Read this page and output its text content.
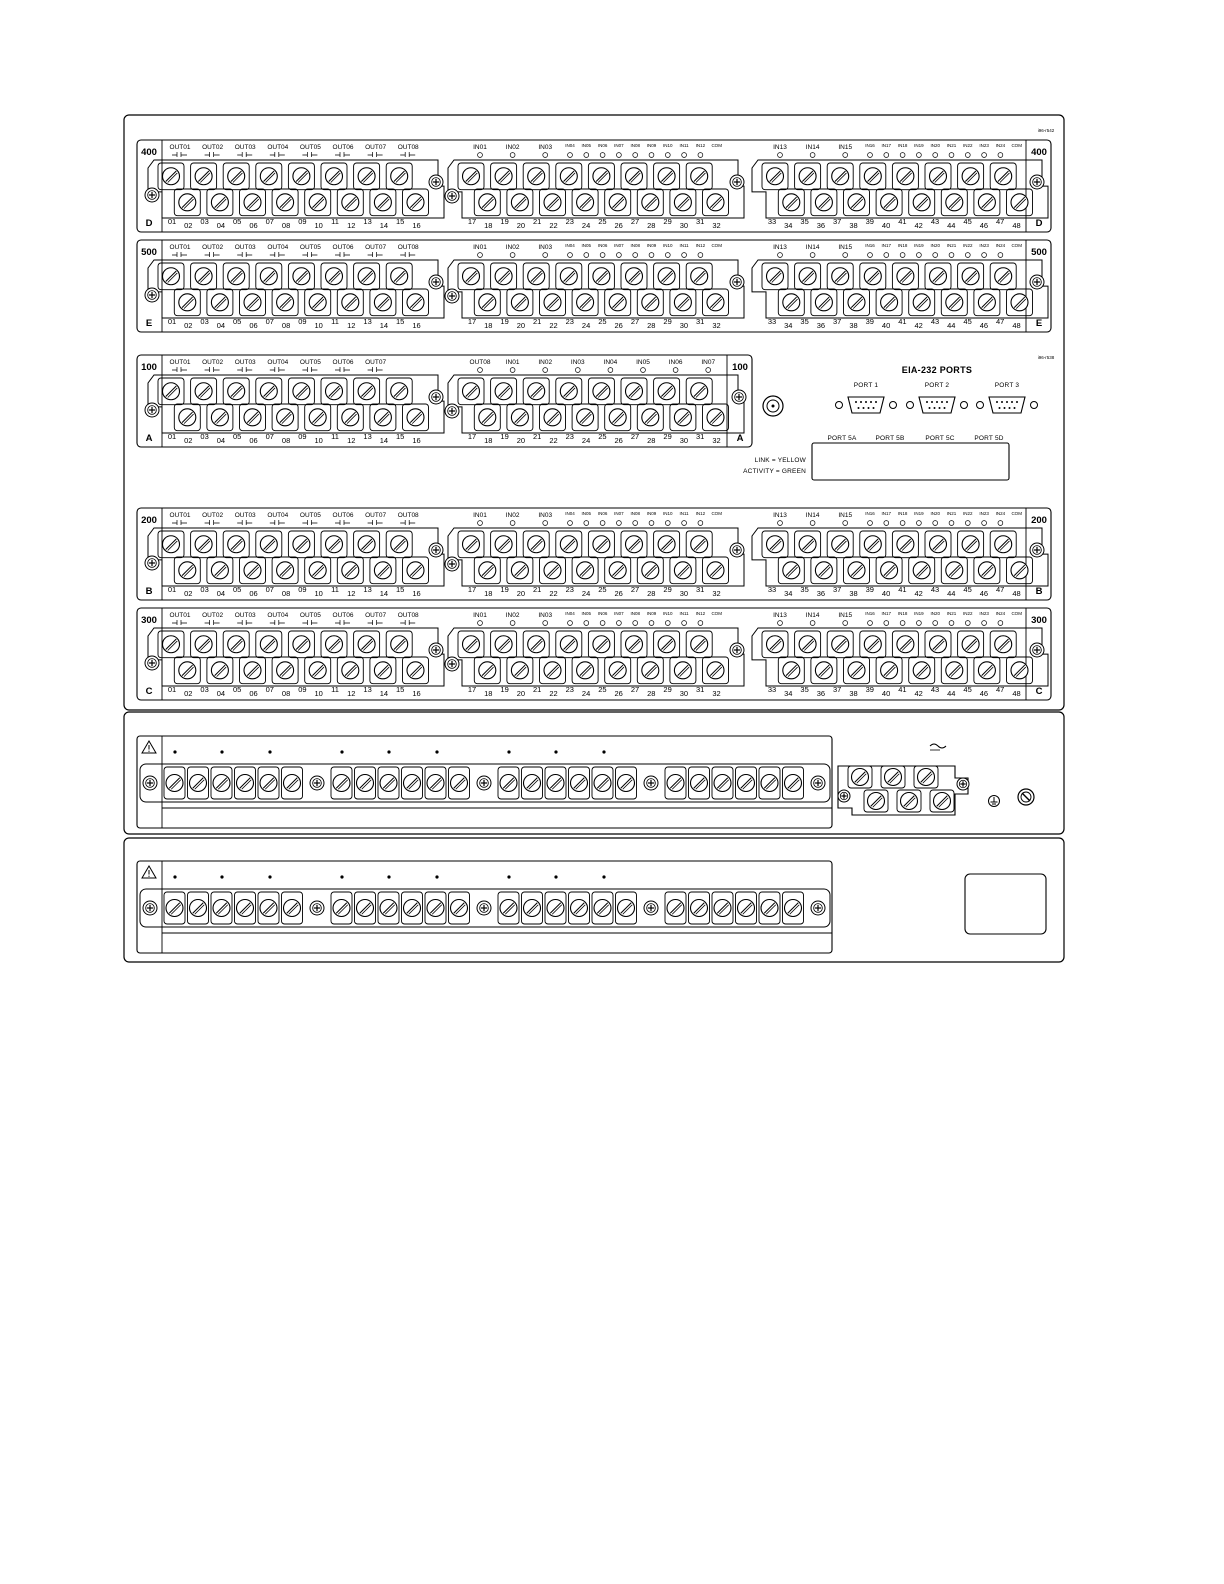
i96-r542
i96-r538
400	400
D	D
OUT01 OUT02 OUT03 OUT04 OUT05 OUT06 OUT07 OUT08	IN01	IN02	IN03	IN04 IN05 IN06 IN07 IN08 IN09 IN10 IN11 IN12 COM	IN13	IN14	IN15	IN16 IN17 IN18 IN19 IN20 IN21 IN22 IN23 IN24 COM
01 02 03 04 05 06 07 08 09 10 11 12 13 14 15 16	17 18 19 20 21 22 23 24 25 26 27 28 29 30 31 32	33 34 35 36 37 38 39 40 41 42 43 44 45 46 47 48
500	500
E	E
OUT01 OUT02 OUT03 OUT04 OUT05 OUT06 OUT07 OUT08	IN01	IN02	IN03	IN04 IN05 IN06 IN07 IN08 IN09 IN10 IN11 IN12 COM	IN13	IN14	IN15	IN16 IN17 IN18 IN19 IN20 IN21 IN22 IN23 IN24 COM
01 02 03 04 05 06 07 08 09 10 11 12 13 14 15 16	17 18 19 20 21 22 23 24 25 26 27 28 29 30 31 32	33 34 35 36 37 38 39 40 41 42 43 44 45 46 47 48
100	100
A	A
OUT01 OUT02 OUT03 OUT04 OUT05 OUT06 OUT07	OUT08 IN01	IN02	IN03	IN04	IN05	IN06	IN07
01 02 03 04 05 06 07 08 09 10 11 12 13 14 15 16	17 18 19 20 21 22 23 24 25 26 27 28 29 30 31 32
200	200
B	B
OUT01 OUT02 OUT03 OUT04 OUT05 OUT06 OUT07 OUT08	IN01	IN02	IN03	IN04 IN05 IN06 IN07 IN08 IN09 IN10 IN11 IN12 COM	IN13	IN14	IN15	IN16 IN17 IN18 IN19 IN20 IN21 IN22 IN23 IN24 COM
01 02 03 04 05 06 07 08 09 10 11 12 13 14 15 16	17 18 19 20 21 22 23 24 25 26 27 28 29 30 31 32	33 34 35 36 37 38 39 40 41 42 43 44 45 46 47 48
300	300
C	C
OUT01 OUT02 OUT03 OUT04 OUT05 OUT06 OUT07 OUT08	IN01	IN02	IN03	IN04 IN05 IN06 IN07 IN08 IN09 IN10 IN11 IN12 COM	IN13	IN14	IN15	IN16 IN17 IN18 IN19 IN20 IN21 IN22 IN23 IN24 COM
01 02 03 04 05 06 07 08 09 10 11 12 13 14 15 16	17 18 19 20 21 22 23 24 25 26 27 28 29 30 31 32	33 34 35 36 37 38 39 40 41 42 43 44 45 46 47 48
EIA-232 PORTS
PORT 1	PORT 2	PORT 3
PORT 5A	PORT 5B	PORT 5C	PORT 5D
LINK = YELLOW
ACTIVITY = GREEN
